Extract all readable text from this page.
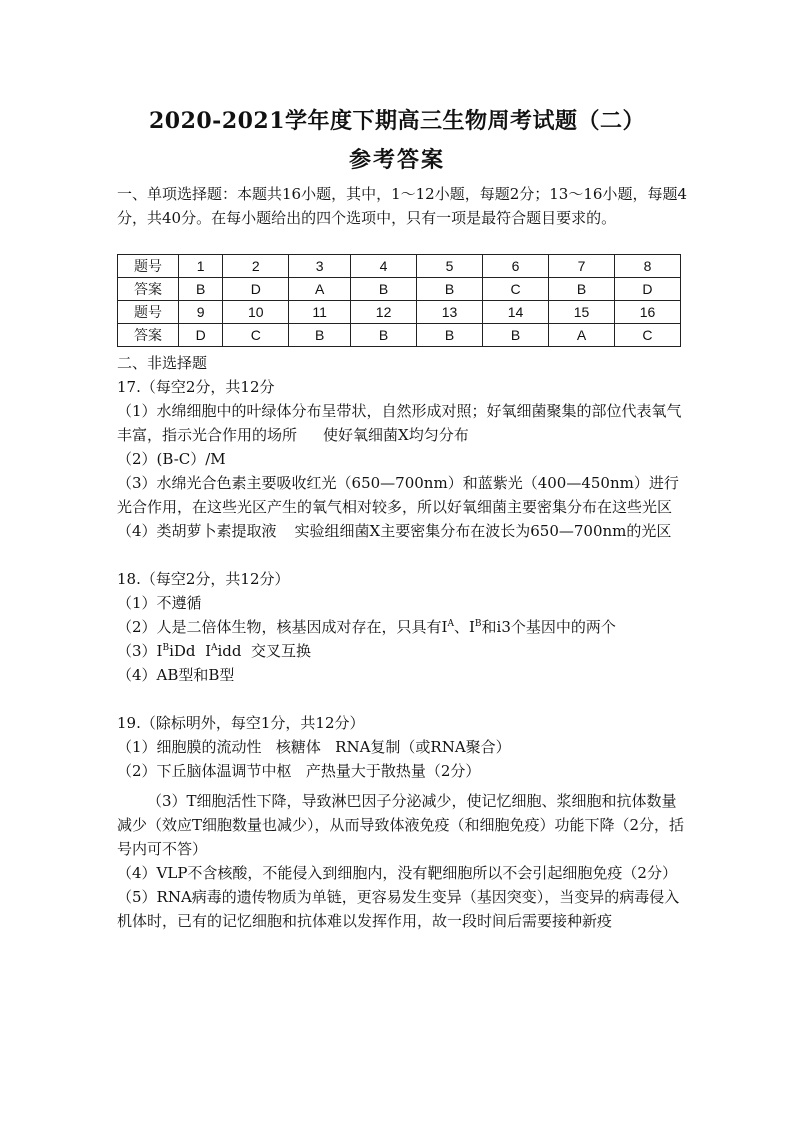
2020-2021学年度下期高三生物周考试题（二）
参考答案
一、单项选择题：本题共16小题，其中，1～12小题，每题2分；13～16小题，每题4分，共40分。在每小题给出的四个选项中，只有一项是最符合题目要求的。
题号	1	2	3	4	5	6	7	8
答案	B	D	A	B	B	C	B	D
题号	9	10	11	12	13	14	15	16
答案	D	C	B	B	B	B	A	C

二、非选择题

17.（每空2分，共12分

（1）水绵细胞中的叶绿体分布呈带状，自然形成对照；好氧细菌聚集的部位代表氧气丰富，指示光合作用的场所 使好氧细菌X均匀分布

（2）(B-C）/M

（3）水绵光合色素主要吸收红光（650—700nm）和蓝紫光（400—450nm）进行光合作用，在这些光区产生的氧气相对较多，所以好氧细菌主要密集分布在这些光区

（4）类胡萝卜素提取液 实验组细菌X主要密集分布在波长为650—700nm的光区

18.（每空2分，共12分）

（1）不遵循

（2）人是二倍体生物，核基因成对存在，只具有$I^A$、$I^B$和i3个基因中的两个

$(3)I^BiDd$  $I^Aidd$  交叉互换

（4）AB型和B型

19.（除标明外，每空1分，共12分）

（1）细胞膜的流动性   核糖体   RNA复制（或RNA聚合）

（2）下丘脑体温调节中枢   产热量大于散热量（2分）

（3）T细胞活性下降，导致淋巴因子分泌减少，使记忆细胞、浆细胞和抗体数量减少（效应T细胞数量也减少），从而导致体液免疫（和细胞免疫）功能下降（2分，括号内可不答）

（4）VLP不含核酸，不能侵入到细胞内，没有靶细胞所以不会引起细胞免疫（2分）

（5）RNA病毒的遗传物质为单链，更容易发生变异（基因突变），当变异的病毒侵入机体时，已有的记忆细胞和抗体难以发挥作用，故一段时间后需要接种新疫
